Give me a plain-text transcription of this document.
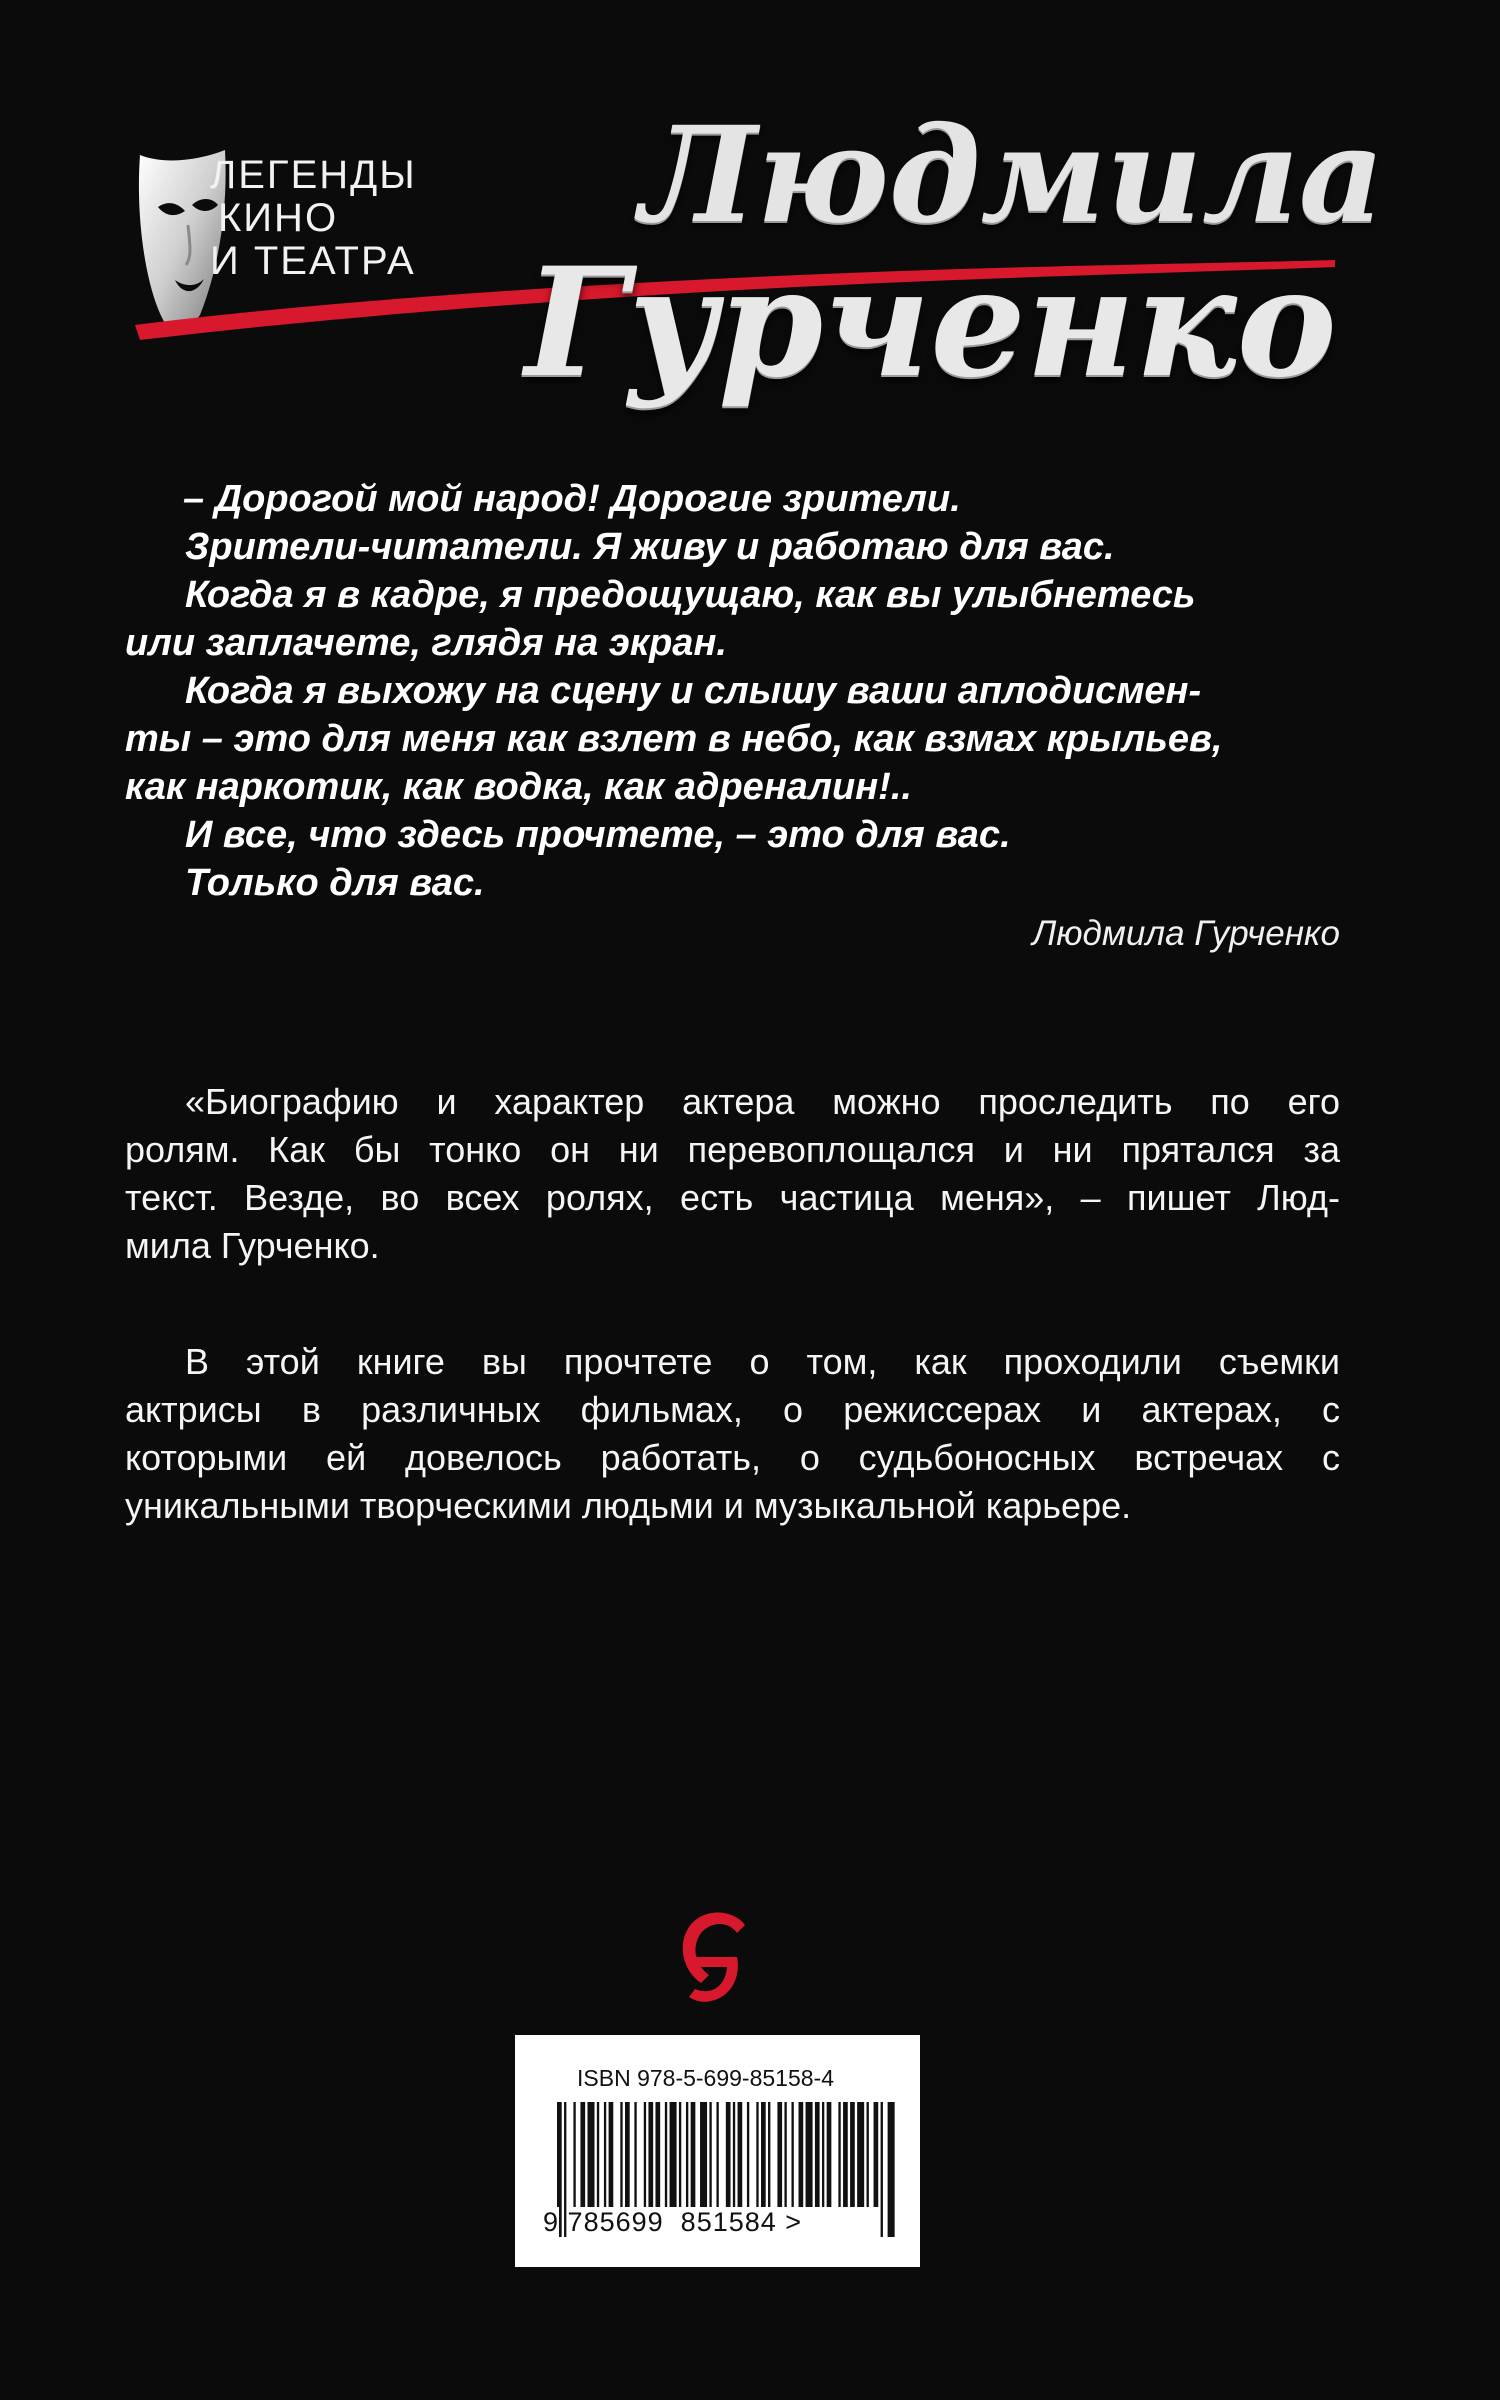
ЛЕГЕНДЫ
КИНО
И ТЕАТРА
Людмила
Гурченко
– Дорогой мой народ! Дорогие зрители.
Зрители-читатели. Я живу и работаю для вас.
Когда я в кадре, я предощущаю, как вы улыбнетесь
или заплачете, глядя на экран.
Когда я выхожу на сцену и слышу ваши аплодисмен-
ты – это для меня как взлет в небо, как взмах крыльев,
как наркотик, как водка, как адреналин!..
И все, что здесь прочтете, – это для вас.
Только для вас.
Людмила Гурченко
«Биографию и характер актера можно проследить по его
ролям. Как бы тонко он ни перевоплощался и ни прятался за
текст. Везде, во всех ролях, есть частица меня», – пишет Люд-
мила Гурченко.
В этой книге вы прочтете о том, как проходили съемки
актрисы в различных фильмах, о режиссерах и актерах, с
которыми ей довелось работать, о судьбоносных встречах с
уникальными творческими людьми и музыкальной карьере.
ISBN 978-5-699-85158-4
9 785699 851584 >
